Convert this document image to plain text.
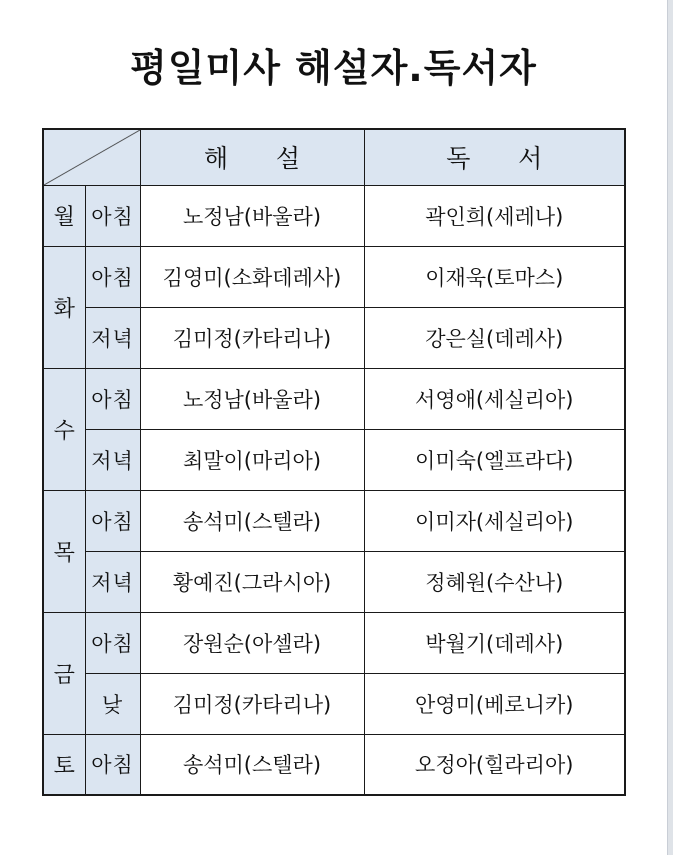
평일미사 해설자.독서자
		해      설	독      서
월	아침	노정남(바울라)	곽인희(세레나)
화	아침	김영미(소화데레사)	이재욱(토마스)
	저녁	김미정(카타리나)	강은실(데레사)
수	아침	노정남(바울라)	서영애(세실리아)
	저녁	최말이(마리아)	이미숙(엘프라다)
목	아침	송석미(스텔라)	이미자(세실리아)
	저녁	황예진(그라시아)	정혜원(수산나)
금	아침	장원순(아셀라)	박월기(데레사)
	낮	김미정(카타리나)	안영미(베로니카)
토	아침	송석미(스텔라)	오정아(힐라리아)
